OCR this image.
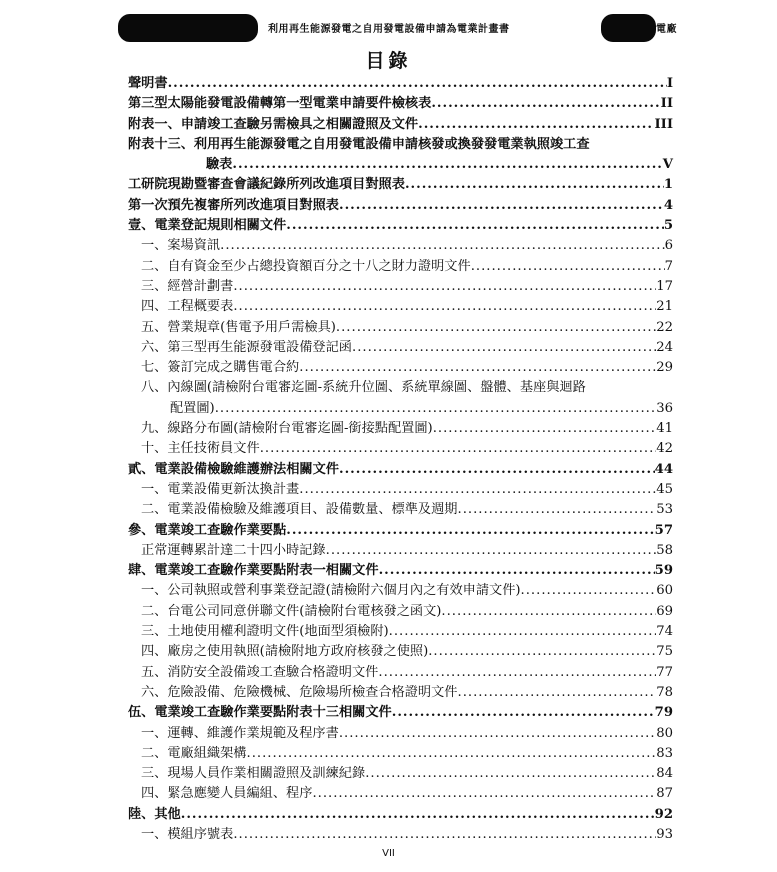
利用再生能源發電之自用發電設備申請為電業計畫書	電廠
目錄
聲明書 .....	I
第三型太陽能發電設備轉第一型電業申請要件檢核表 .....	II
附表一、申請竣工查驗另需檢具之相關證照及文件 .....	III
附表十三、利用再生能源發電之自用發電設備申請核發或換發發電業執照竣工查
驗表 .....	V
工研院現勘暨審查會議紀錄所列改進項目對照表 .....	1
第一次預先複審所列改進項目對照表 .....	4
壹、電業登記規則相關文件 .....	5
一、案場資訊 .....	6
二、自有資金至少占總投資額百分之十八之財力證明文件 .....	7
三、經營計劃書 .....	17
四、工程概要表 .....	21
五、營業規章(售電予用戶需檢具) .....	22
六、第三型再生能源發電設備登記函 .....	24
七、簽訂完成之購售電合約 .....	29
八、內線圖(請檢附台電審迄圖-系統升位圖、系統單線圖、盤體、基座與迴路
配置圖) .....	36
九、線路分布圖(請檢附台電審迄圖-銜接點配置圖) .....	41
十、主任技術員文件 .....	42
貳、電業設備檢驗維護辦法相關文件 .....	44
一、電業設備更新汰換計畫 .....	45
二、電業設備檢驗及維護項目、設備數量、標準及週期 .....	53
參、電業竣工查驗作業要點 .....	57
正常運轉累計達二十四小時記錄 .....	58
肆、電業竣工查驗作業要點附表一相關文件 .....	59
一、公司執照或營利事業登記證(請檢附六個月內之有效申請文件) .....	60
二、台電公司同意併聯文件(請檢附台電核發之函文) .....	69
三、土地使用權利證明文件(地面型須檢附) .....	74
四、廠房之使用執照(請檢附地方政府核發之使照) .....	75
五、消防安全設備竣工查驗合格證明文件 .....	77
六、危險設備、危險機械、危險場所檢查合格證明文件 .....	78
伍、電業竣工查驗作業要點附表十三相關文件 .....	79
一、運轉、維護作業規範及程序書 .....	80
二、電廠組織架構 .....	83
三、現場人員作業相關證照及訓練紀錄 .....	84
四、緊急應變人員編組、程序 .....	87
陸、其他 .....	92
一、模組序號表 .....	93
VII
